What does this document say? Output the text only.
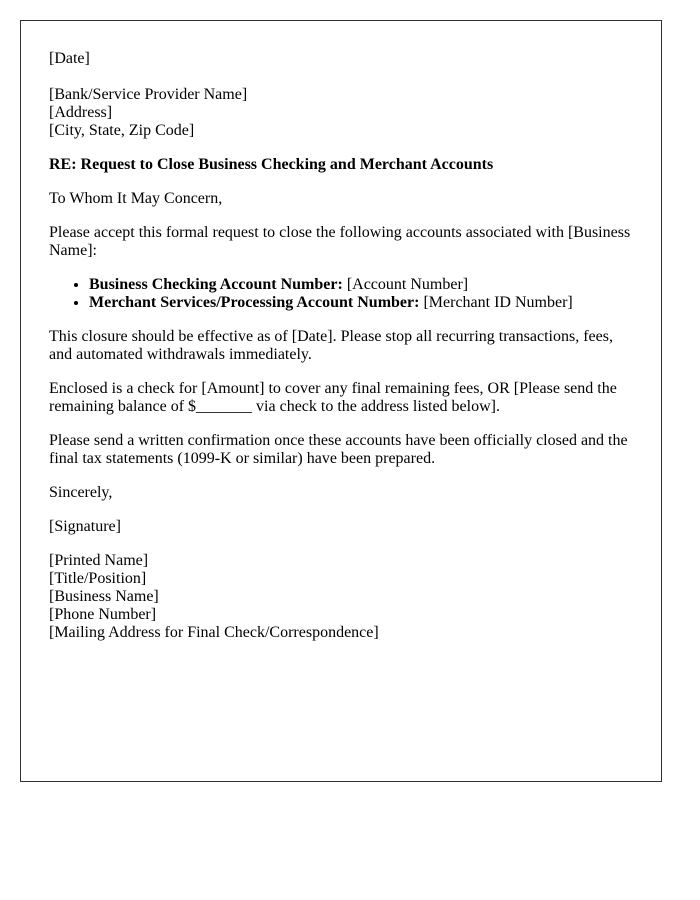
[Date]

[Bank/Service Provider Name]
[Address]
[City, State, Zip Code]

RE: Request to Close Business Checking and Merchant Accounts

To Whom It May Concern,

Please accept this formal request to close the following accounts associated with [Business Name]:

• Business Checking Account Number: [Account Number]
• Merchant Services/Processing Account Number: [Merchant ID Number]

This closure should be effective as of [Date]. Please stop all recurring transactions, fees, and automated withdrawals immediately.

Enclosed is a check for [Amount] to cover any final remaining fees, OR [Please send the remaining balance of $_______ via check to the address listed below].

Please send a written confirmation once these accounts have been officially closed and the final tax statements (1099-K or similar) have been prepared.

Sincerely,

[Signature]

[Printed Name]
[Title/Position]
[Business Name]
[Phone Number]
[Mailing Address for Final Check/Correspondence]
